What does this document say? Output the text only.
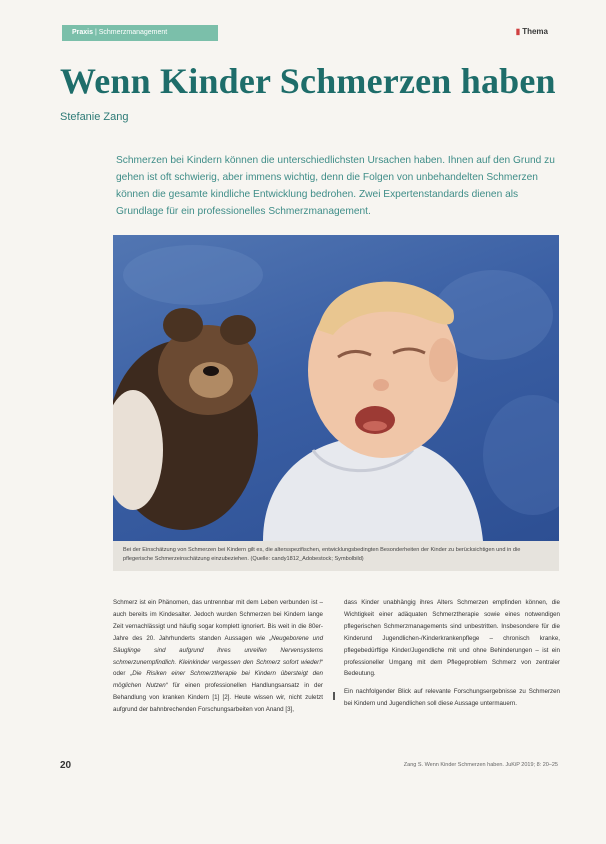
Praxis | Schmerzmanagement	▮ Thema
Wenn Kinder Schmerzen haben
Stefanie Zang
Schmerzen bei Kindern können die unterschiedlichsten Ursachen haben. Ihnen auf den Grund zu gehen ist oft schwierig, aber immens wichtig, denn die Folgen von unbehandelten Schmerzen können die gesamte kindliche Entwicklung bedrohen. Zwei Expertenstandards dienen als Grundlage für ein professionelles Schmerzmanagement.
Bei der Einschätzung von Schmerzen bei Kindern gilt es, die altersspezifischen, entwicklungsbedingten Besonderheiten der Kinder zu berücksichtigen und in die pflegerische Schmerzeinschätzung einzubeziehen. (Quelle: candy1812_Adobestock; Symbolbild)

Schmerz ist ein Phänomen, das untrennbar mit dem Leben verbunden ist – auch bereits im Kindesalter. Jedoch wurden Schmerzen bei Kindern lange Zeit vernachlässigt und häufig sogar komplett ignoriert. Bis weit in die 80er-Jahre des 20. Jahrhunderts standen Aussagen wie „Neugeborene und Säuglinge sind aufgrund ihres unreifen Nervensystems schmerzunempfindlich. Kleinkinder vergessen den Schmerz sofort wieder!“ oder „Die Risiken einer Schmerztherapie bei Kindern übersteigt den möglichen Nutzen“ für einen professionellen Handlungsansatz in der Behandlung von kranken Kindern [1] [2]. Heute wissen wir, nicht zuletzt aufgrund der bahnbrechenden Forschungsarbeiten von Anand [3],

dass Kinder unabhängig ihres Alters Schmerzen empfinden können, die Wichtigkeit einer adäquaten Schmerztherapie sowie eines notwendigen pflegerischen Schmerzmanagements sind unbestritten. Insbesondere für die Kinderund Jugendlichen-/Kinderkrankenpflege – chronisch kranke, pflegebedürftige Kinder/Jugendliche mit und ohne Behinderungen – ist ein professioneller Umgang mit dem Pflegeproblem Schmerz von zentraler Bedeutung.

Ein nachfolgender Blick auf relevante Forschungsergebnisse zu Schmerzen bei Kindern und Jugendlichen soll diese Aussage untermauern.

20	Zang S. Wenn Kinder Schmerzen haben. JuKiP 2019; 8: 20–25
